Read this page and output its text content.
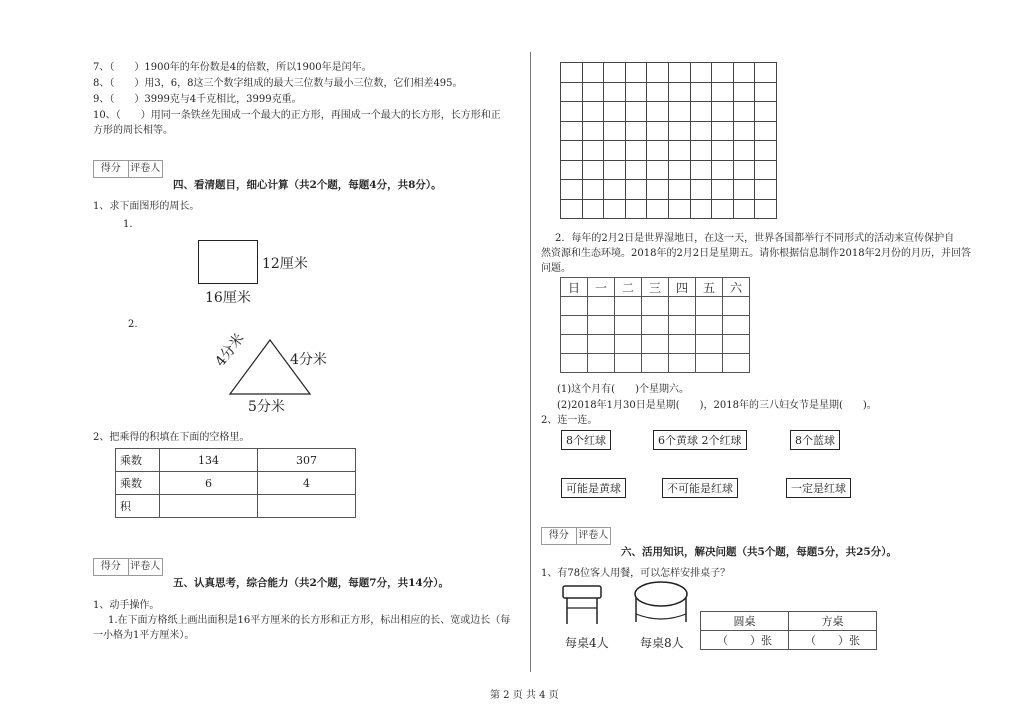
7、（　　）1900年的年份数是4的倍数，所以1900年是闰年。
8、（　　）用3，6，8这三个数字组成的最大三位数与最小三位数，它们相差495。
9、（　　）3999克与4千克相比，3999克重。
10、（　　）用同一条铁丝先围成一个最大的正方形，再围成一个最大的长方形，长方形和正
方形的周长相等。
得分 评卷人
四、看清题目，细心计算（共2个题，每题4分，共8分）。
1、求下面图形的周长。
1.
12厘米
16厘米
2.
4分米	4分米
5分米
2、把乘得的积填在下面的空格里。
乘数	134	307
乘数	6	4
积		
得分 评卷人
五、认真思考，综合能力（共2个题，每题7分，共14分）。
1、动手操作。
1.在下面方格纸上画出面积是16平方厘米的长方形和正方形，标出相应的长、宽或边长（每
一小格为1平方厘米）。

2．每年的2月2日是世界湿地日，在这一天，世界各国都举行不同形式的活动来宣传保护自
然资源和生态环境。2018年的2月2日是星期五。请你根据信息制作2018年2月份的月历，并回答
问题。
日	一	二	三	四	五	六

(1)这个月有(　　)个星期六。
(2)2018年1月30日是星期(　　)，2018年的三八妇女节是星期(　　)。
2、连一连。
8个红球	6个黄球 2个红球	8个蓝球
可能是黄球	不可能是红球	一定是红球
得分 评卷人
六、活用知识，解决问题（共5个题，每题5分，共25分）。
1、有78位客人用餐，可以怎样安排桌子？
每桌4人	每桌8人
圆桌	方桌
（　　）张	（　　）张
第 2 页 共 4 页
